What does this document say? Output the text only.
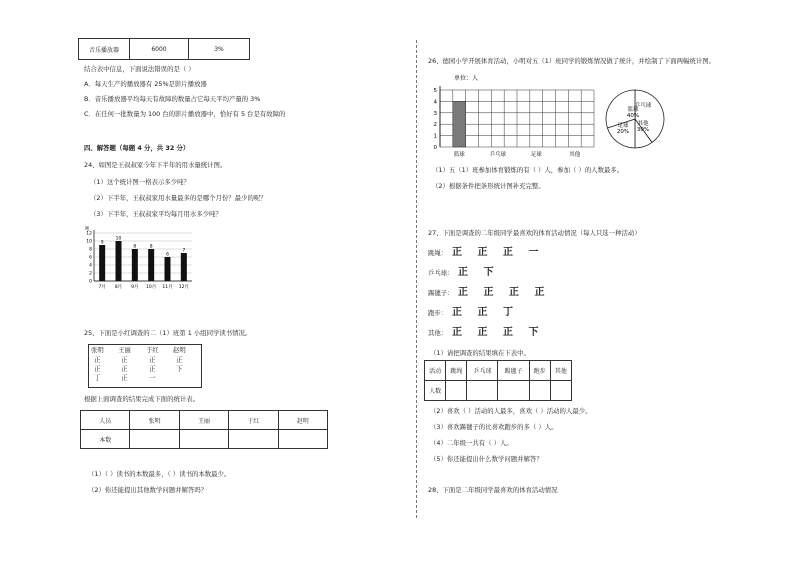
音乐播放器	6000	3%
结合表中信息，下面说法错误的是（ ）
A．每天生产的播放器有 25%是影片播放器
B．音乐播放器平均每天有故障的数量占它每天平均产量的 3%
C．在任何一批数量为 100 台的影片播放器中，恰好有 5 台是有故障的
四、解答题（每题 4 分，共 32 分）
24、如图是王叔叔家今年下半年的用水量统计图。
（1）这个统计图一格表示多少吨？
（2）下半年，王叔叔家用水量最多的是哪个月份？最少的呢？
（3）下半年，王叔叔家平均每月用水多少吨？
吨
0
2
4
6
8
10
12
9
7月
10
8月
8
9月
8
10月
6
11月
7
12月
25、下面是小红调查的二（1）班第 1 小组同学读书情况。
张明 王丽 于红 赵明
正	正	正	正
正	正	正	下
丁	正	一
根据上面调查的结果完成下面的统计表。
人员	张明	王丽	于红	赵明
本数				
（1）（ ）读书的本数最多，（ ）读书的本数最少。
（2）你还能提出其他数学问题并解答吗？
26、德园小学开展体育活动，小明对五（1）班同学的锻炼情况做了统计，并绘制了下面两幅统计图。
单位：人
0
1
2
3
4
5
篮球	乒乓球	足球	其他
篮球 40%
乒乓球
足球 20%
其他 30%
（1）五（1）班参加体育锻炼的有（ ）人，参加（ ）的人数最多。
（2）根据条件把条形统计图补充完整。
27、下面是调查的二年级同学最喜欢的体育活动情况（每人只选一种活动）
跳绳： 正 正 正 一
乒乓球： 正 下
踢毽子： 正 正 正 正
跑步： 正 正 丁
其他： 正 正 正 下
（1）请把调查的结果填在下表中。
活动	跳绳	乒乓球	踢毽子	跑步	其他
人数					
（2）喜欢（ ）活动的人最多，喜欢（ ）活动的人最少。
（3）喜欢踢毽子的比喜欢跑步的多（ ）人。
（4）二年级一共有（ ）人。
（5）你还能提出什么数学问题并解答？
28、下面是二年级同学最喜欢的体育活动情况
